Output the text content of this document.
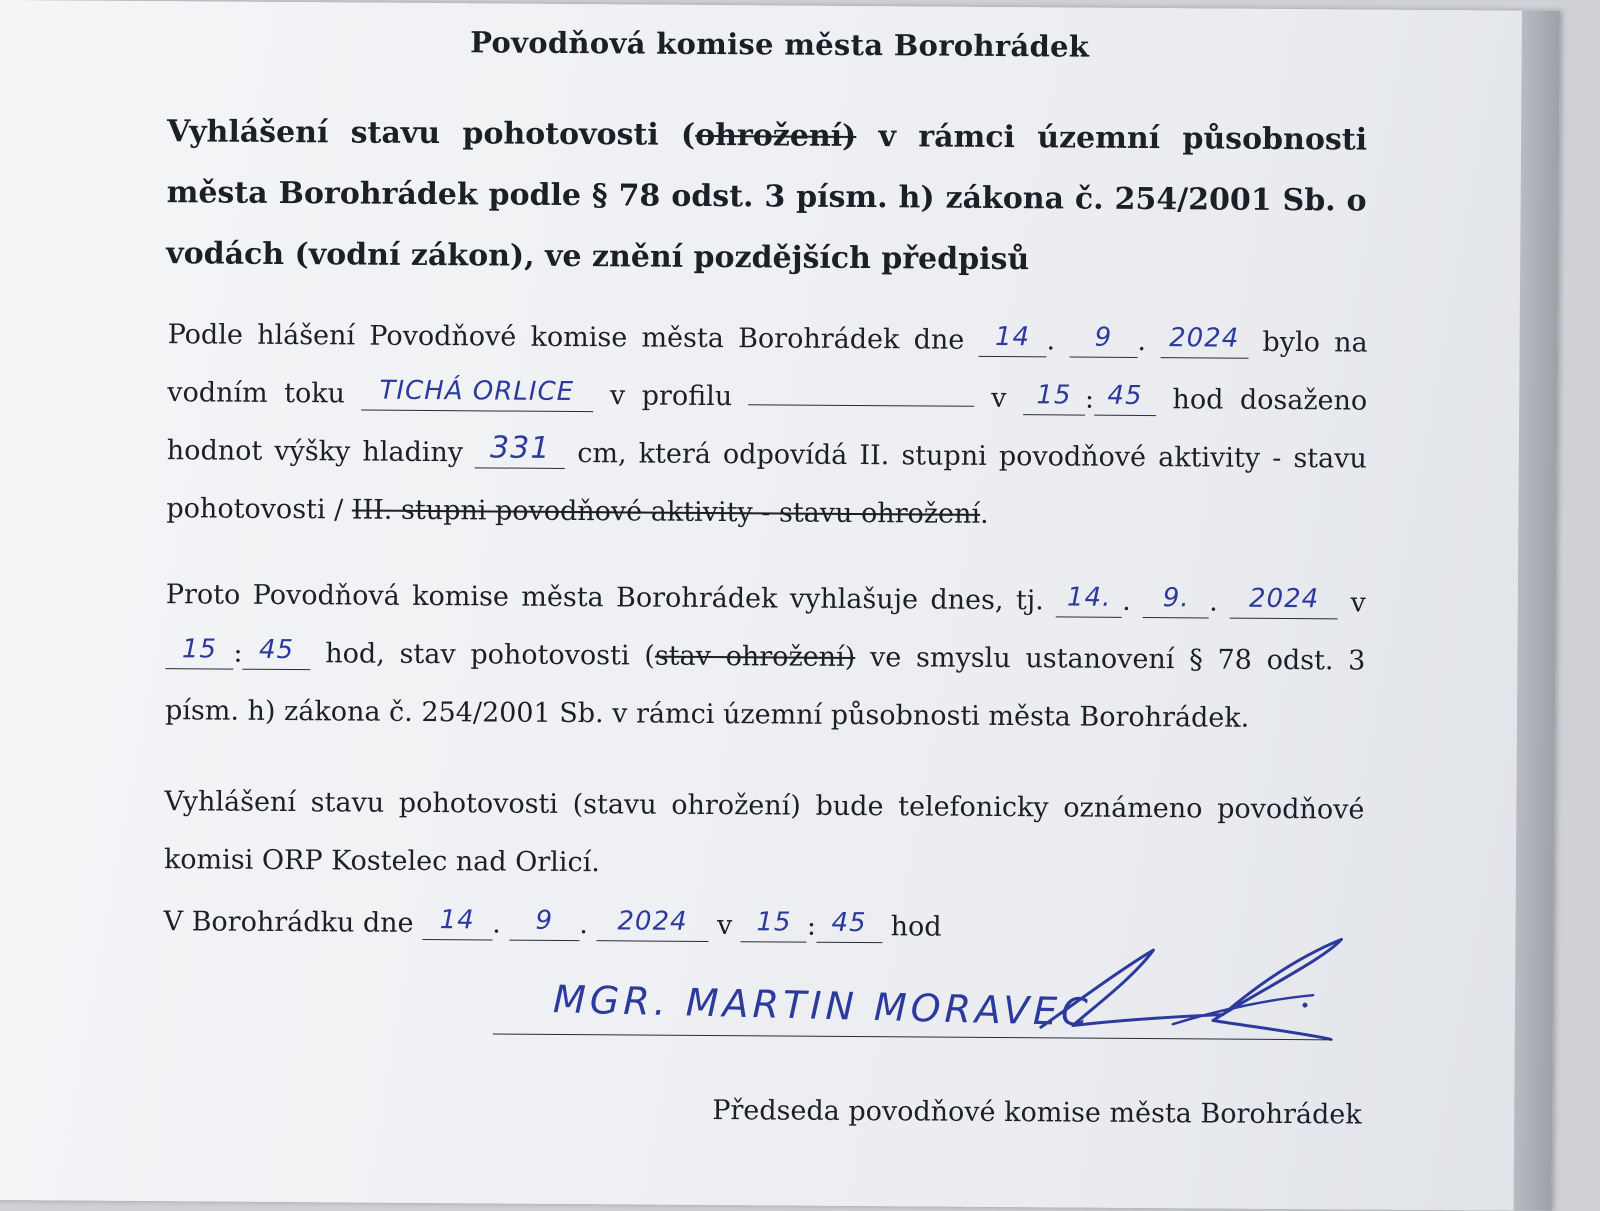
Povodňová komise města Borohrádek
Vyhlášení stavu pohotovosti (ohrožení) v rámci územní působnosti města Borohrádek podle § 78 odst. 3 písm. h) zákona č. 254/2001 Sb. o vodách (vodní zákon), ve znění pozdějších předpisů
Podle hlášení Povodňové komise města Borohrádek dne 14 . 9 . 2024 bylo na vodním toku TICHÁ ORLICE v profilu	v 15 : 45 hod dosaženo hodnot výšky hladiny 331 cm, která odpovídá II. stupni povodňové aktivity - stavu pohotovosti / III. stupni povodňové aktivity - stavu ohrožení.
Proto Povodňová komise města Borohrádek vyhlašuje dnes, tj. 14. . 9. . 2024 v 15 : 45 hod, stav pohotovosti (stav ohrožení) ve smyslu ustanovení § 78 odst. 3 písm. h) zákona č. 254/2001 Sb. v rámci územní působnosti města Borohrádek.
Vyhlášení stavu pohotovosti (stavu ohrožení) bude telefonicky oznámeno povodňové komisi ORP Kostelec nad Orlicí.
V Borohrádku dne 14 . 9 . 2024 v 15 : 45 hod
MGR. MARTIN MORAVEC
Předseda povodňové komise města Borohrádek
